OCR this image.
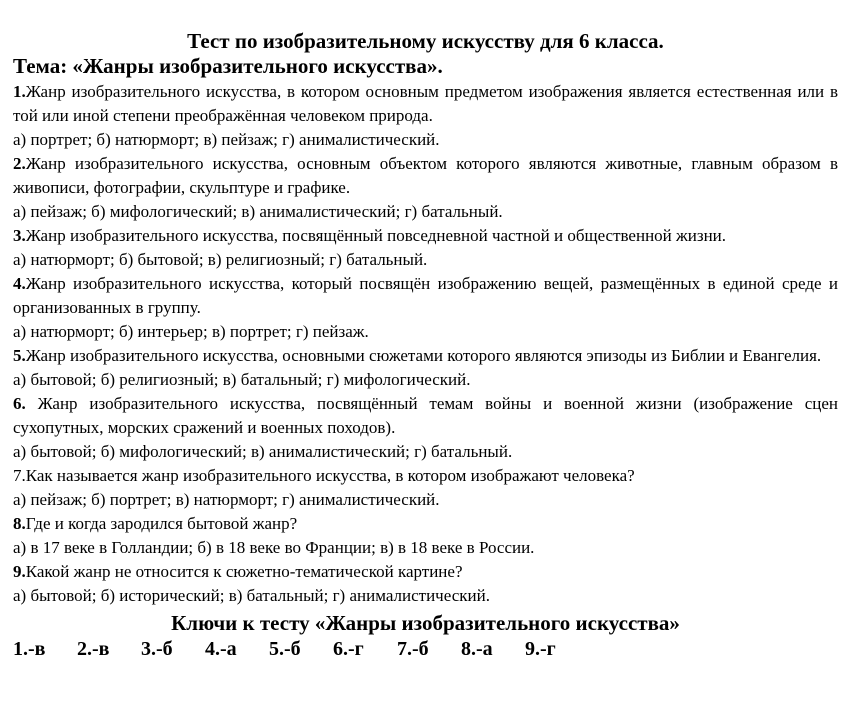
Тест по изобразительному искусству для 6 класса.

Тема: «Жанры изобразительного искусства».

1.Жанр изобразительного искусства, в котором основным предметом изображения является естественная или в той или иной степени преображённая человеком природа.

а) портрет; б) натюрморт; в) пейзаж; г) анималистический.

2.Жанр изобразительного искусства, основным объектом которого являются животные, главным образом в живописи, фотографии, скульптуре и графике.

а) пейзаж; б) мифологический; в) анималистический; г) батальный.

3.Жанр изобразительного искусства, посвящённый повседневной частной и общественной жизни.

а) натюрморт; б) бытовой; в) религиозный; г) батальный.

4.Жанр изобразительного искусства, который посвящён изображению вещей, размещённых в единой среде и организованных в группу.

а) натюрморт; б) интерьер; в) портрет; г) пейзаж.

5.Жанр изобразительного искусства, основными сюжетами которого являются эпизоды из Библии и Евангелия.

а) бытовой; б) религиозный; в) батальный; г) мифологический.

6. Жанр изобразительного искусства, посвящённый темам войны и военной жизни (изображение сцен сухопутных, морских сражений и военных походов).

а) бытовой; б) мифологический; в) анималистический; г) батальный.

7.Как называется жанр изобразительного искусства, в котором изображают человека?

а) пейзаж; б) портрет; в) натюрморт; г) анималистический.

8.Где и когда зародился бытовой жанр?

а) в 17 веке в Голландии; б) в 18 веке во Франции; в) в 18 веке в России.

9.Какой жанр не относится к сюжетно-тематической картине?

а) бытовой; б) исторический; в) батальный; г) анималистический.

Ключи к тесту «Жанры изобразительного искусства»

1.-в	2.-в	3.-б	4.-а	5.-б	6.-г	7.-б	8.-а	9.-г
